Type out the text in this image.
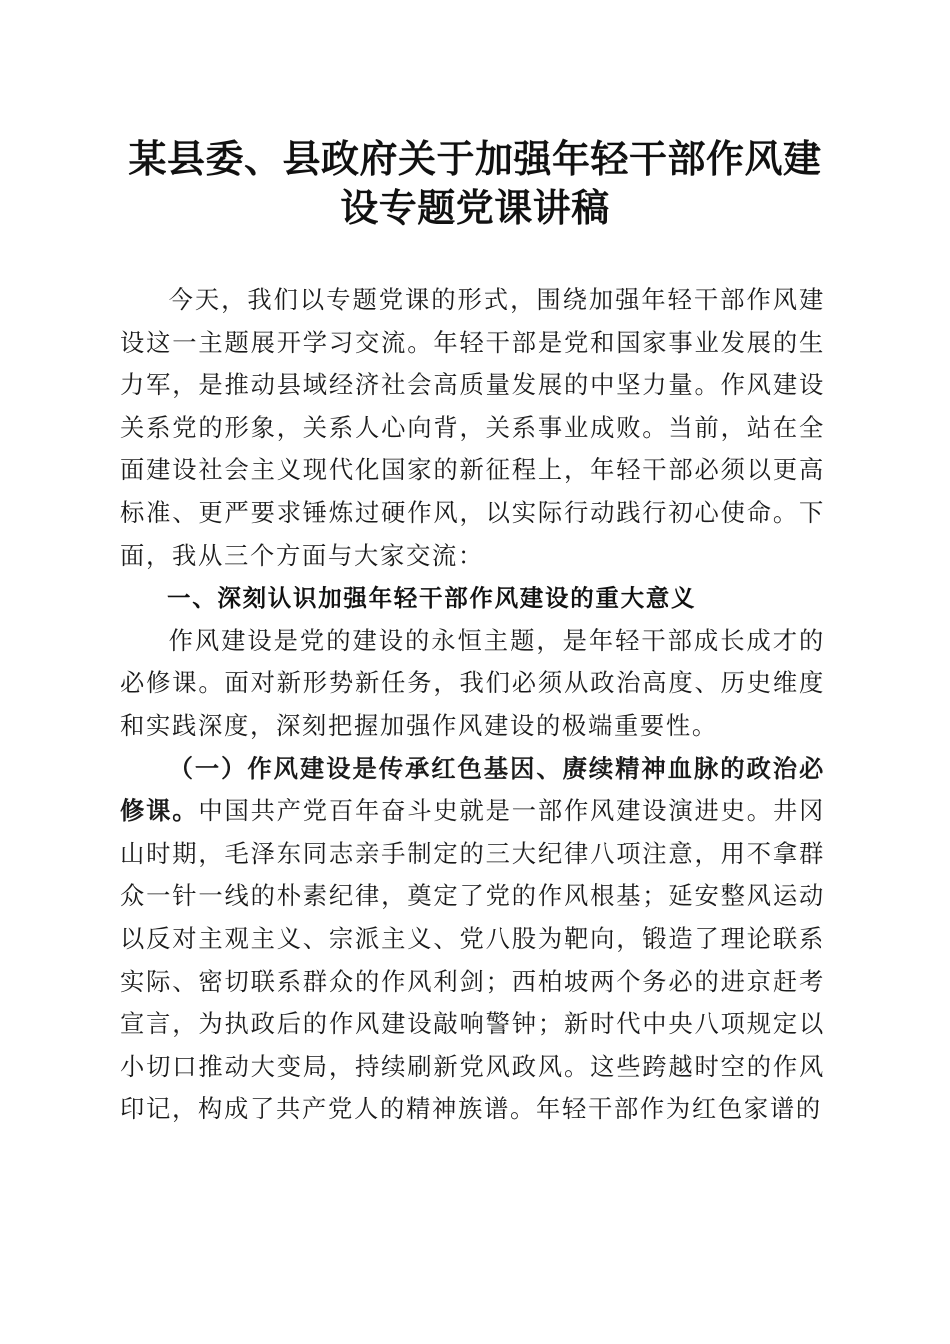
某县委、县政府关于加强年轻干部作风建设专题党课讲稿

今天，我们以专题党课的形式，围绕加强年轻干部作风建设这一主题展开学习交流。年轻干部是党和国家事业发展的生力军，是推动县域经济社会高质量发展的中坚力量。作风建设关系党的形象，关系人心向背，关系事业成败。当前，站在全面建设社会主义现代化国家的新征程上，年轻干部必须以更高标准、更严要求锤炼过硬作风，以实际行动践行初心使命。下面，我从三个方面与大家交流：

一、深刻认识加强年轻干部作风建设的重大意义

作风建设是党的建设的永恒主题，是年轻干部成长成才的必修课。面对新形势新任务，我们必须从政治高度、历史维度和实践深度，深刻把握加强作风建设的极端重要性。

（一）作风建设是传承红色基因、赓续精神血脉的政治必修课。中国共产党百年奋斗史就是一部作风建设演进史。井冈山时期，毛泽东同志亲手制定的三大纪律八项注意，用不拿群众一针一线的朴素纪律，奠定了党的作风根基；延安整风运动以反对主观主义、宗派主义、党八股为靶向，锻造了理论联系实际、密切联系群众的作风利剑；西柏坡两个务必的进京赶考宣言，为执政后的作风建设敲响警钟；新时代中央八项规定以小切口推动大变局，持续刷新党风政风。这些跨越时空的作风印记，构成了共产党人的精神族谱。年轻干部作为红色家谱的
